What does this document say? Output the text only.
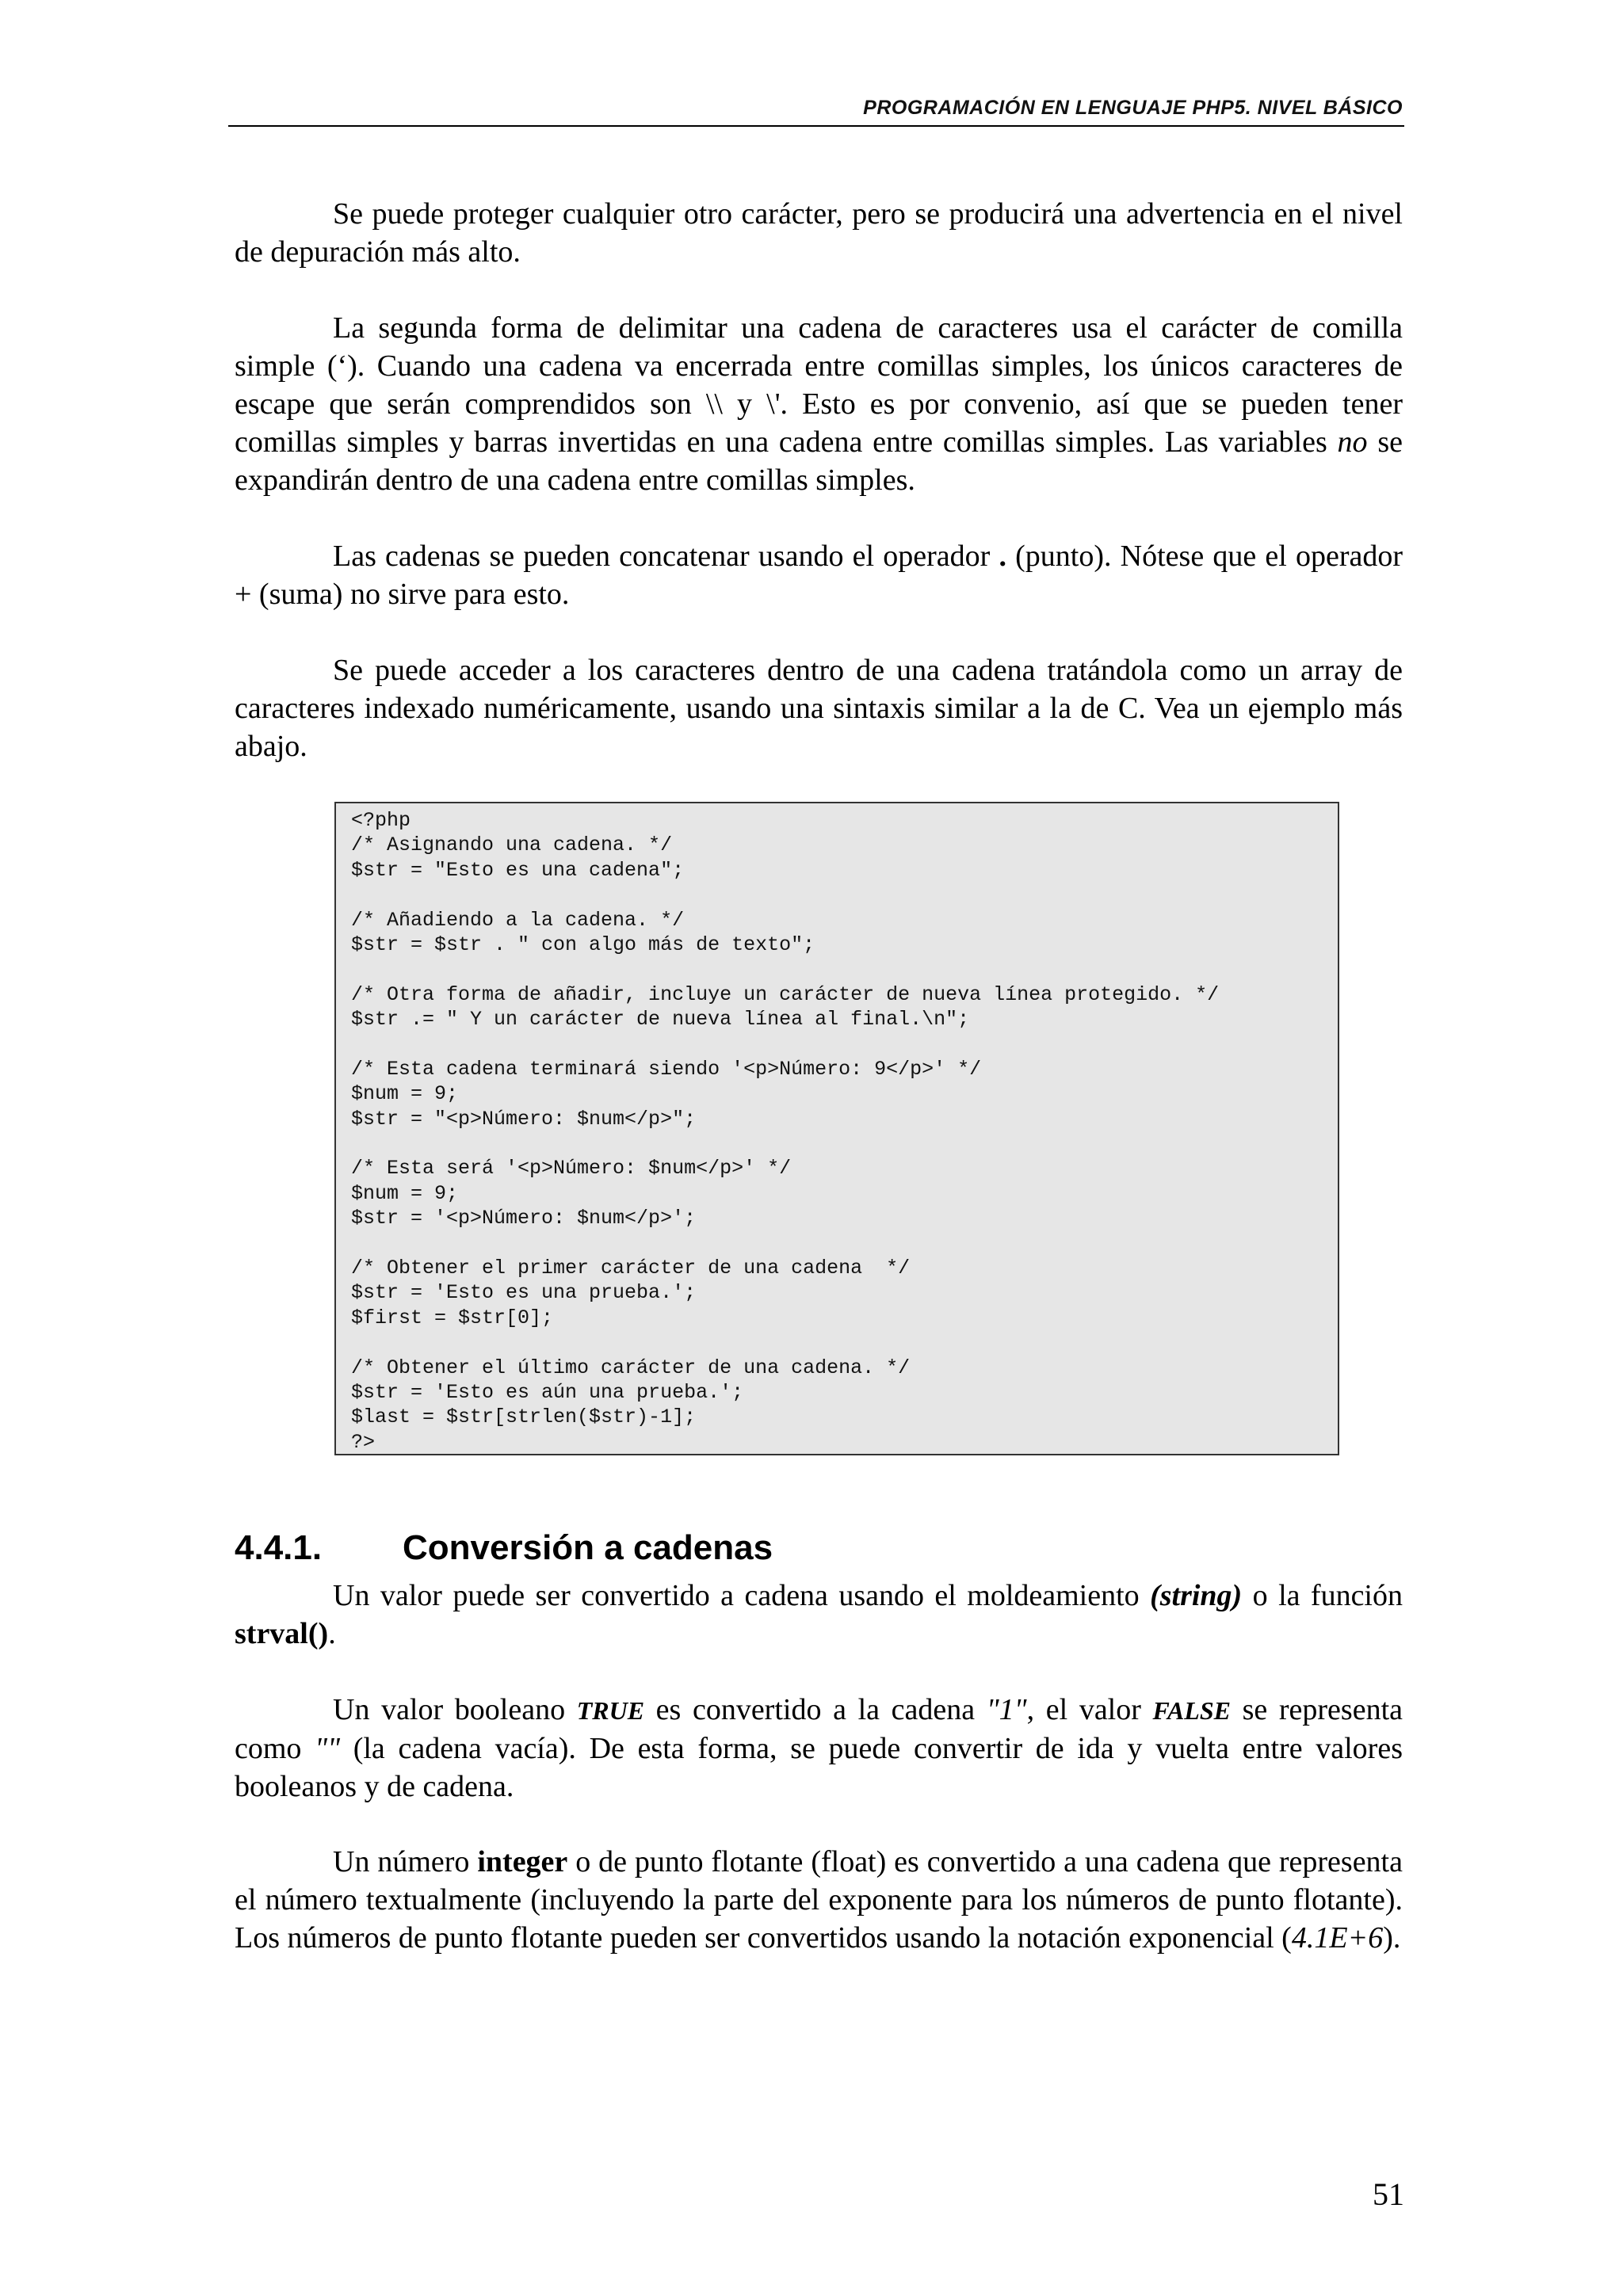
PROGRAMACIÓN EN LENGUAJE PHP5. NIVEL BÁSICO

Se puede proteger cualquier otro carácter, pero se producirá una advertencia en el nivel de depuración más alto.

La segunda forma de delimitar una cadena de caracteres usa el carácter de comilla simple (‘). Cuando una cadena va encerrada entre comillas simples, los únicos caracteres de escape que serán comprendidos son \\ y \'. Esto es por convenio, así que se pueden tener comillas simples y barras invertidas en una cadena entre comillas simples. Las variables no se expandirán dentro de una cadena entre comillas simples.

Las cadenas se pueden concatenar usando el operador . (punto). Nótese que el operador + (suma) no sirve para esto.

Se puede acceder a los caracteres dentro de una cadena tratándola como un array de caracteres indexado numéricamente, usando una sintaxis similar a la de C. Vea un ejemplo más abajo.

<?php
/* Asignando una cadena. */
$str = "Esto es una cadena";
/* Añadiendo a la cadena. */
$str = $str . " con algo más de texto";
/* Otra forma de añadir, incluye un carácter de nueva línea protegido. */
$str .= " Y un carácter de nueva línea al final.\n";
/* Esta cadena terminará siendo '<p>Número: 9</p>' */
$num = 9;
$str = "<p>Número: $num</p>";
/* Esta será '<p>Número: $num</p>' */
$num = 9;
$str = '<p>Número: $num</p>';
/* Obtener el primer carácter de una cadena  */
$str = 'Esto es una prueba.';
$first = $str[0];
/* Obtener el último carácter de una cadena. */
$str = 'Esto es aún una prueba.';
$last = $str[strlen($str)-1];
?>
4.4.1. Conversión a cadenas

Un valor puede ser convertido a cadena usando el moldeamiento (string) o la función strval().

Un valor booleano TRUE es convertido a la cadena "1", el valor FALSE se representa como "" (la cadena vacía). De esta forma, se puede convertir de ida y vuelta entre valores booleanos y de cadena.

Un número integer o de punto flotante (float) es convertido a una cadena que representa el número textualmente (incluyendo la parte del exponente para los números de punto flotante). Los números de punto flotante pueden ser convertidos usando la notación exponencial (4.1E+6).

51
